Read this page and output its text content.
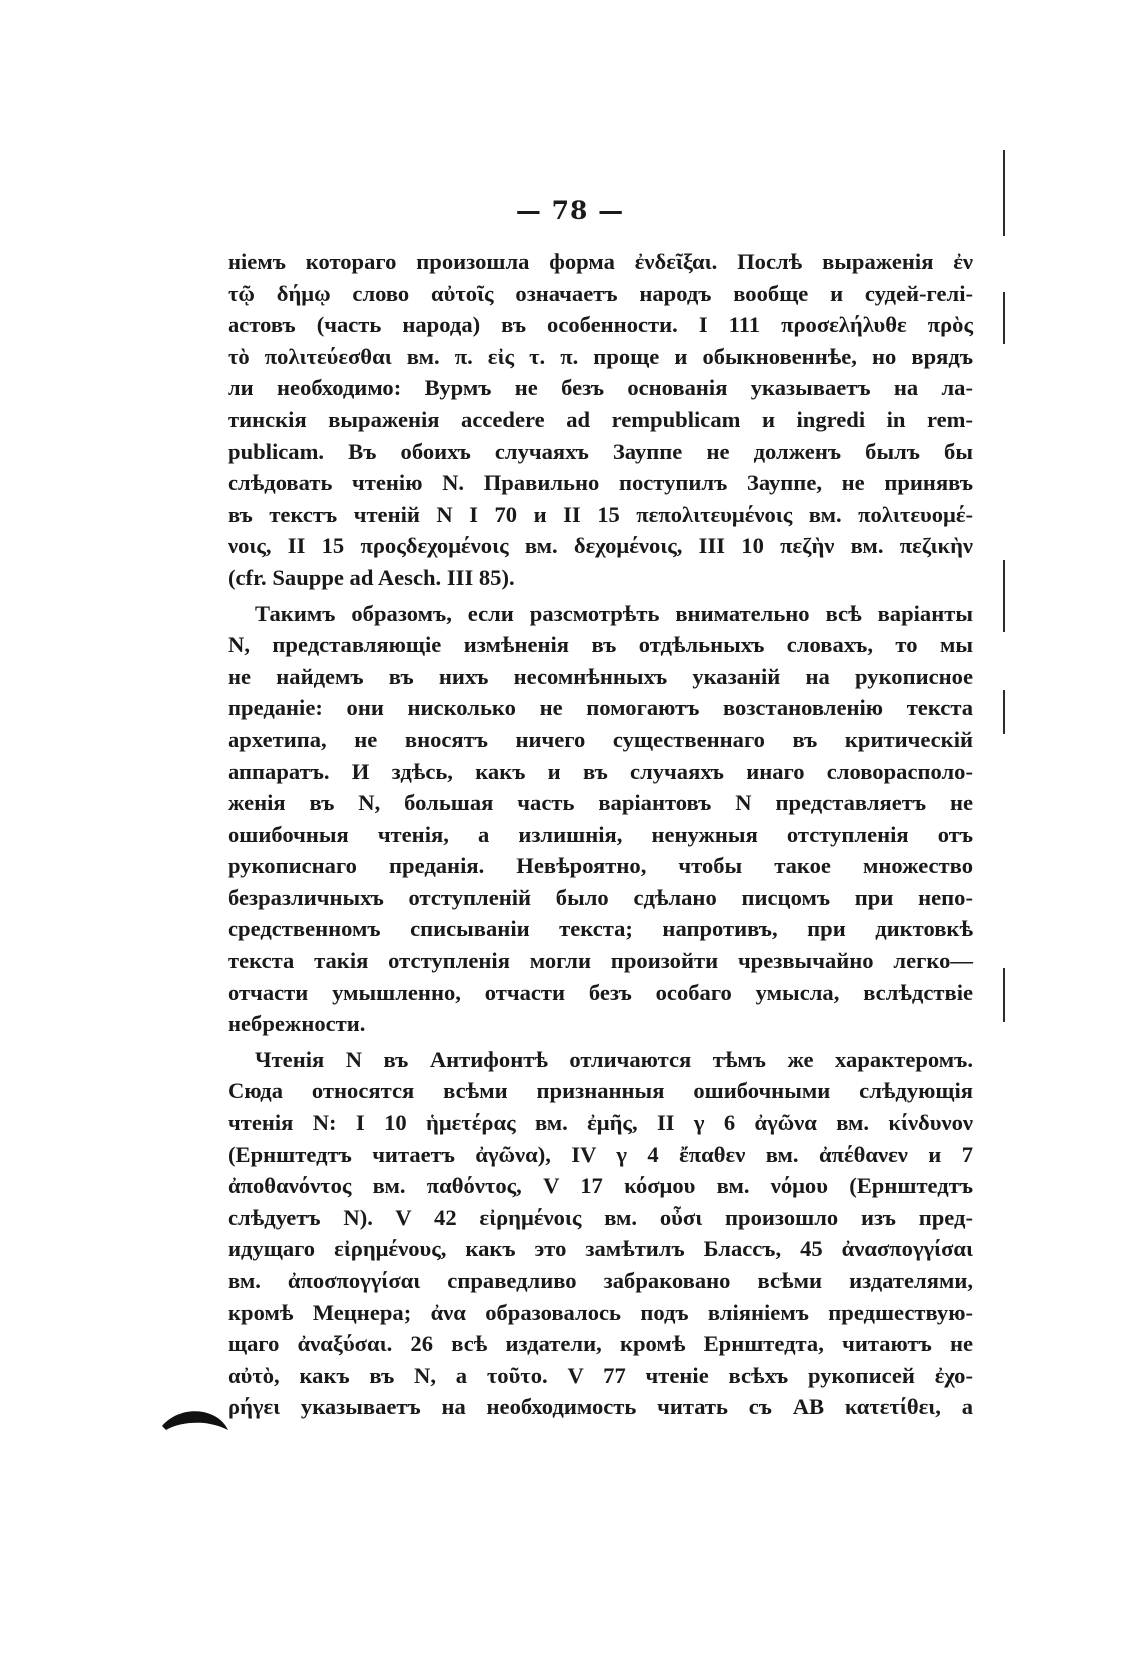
— 78 —

ніемъ котораго произошла форма ἐνδεῖξαι. Послѣ выраженія ἐν

τῷ δήμῳ слово αὐτοῖς означаетъ народъ вообще и судей-гелі-

астовъ (часть народа) въ особенности. I 111 προσελήλυθε πρὸς

τὸ πολιτεύεσθαι вм. π. εἰς τ. π. проще и обыкновеннѣе, но врядъ

ли необходимо: Вурмъ не безъ основанія указываетъ на ла-

тинскія выраженія accedere ad rempublicam и ingredi in rem-

publicam. Въ обоихъ случаяхъ Зауппе не долженъ былъ бы

слѣдовать чтенію N. Правильно поступилъ Зауппе, не принявъ

въ текстъ чтеній N I 70 и II 15 πεπολιτευμένοις вм. πολιτευομέ-

νοις, II 15 προςδεχομένοις вм. δεχομένοις, III 10 πεζὴν вм. πεζικὴν

(cfr. Sauppe ad Aesch. III 85).

Такимъ образомъ, если разсмотрѣть внимательно всѣ варіанты

N, представляющіе измѣненія въ отдѣльныхъ словахъ, то мы

не найдемъ въ нихъ несомнѣнныхъ указаній на рукописное

преданіе: они нисколько не помогаютъ возстановленію текста

архетипа, не вносятъ ничего существеннаго въ критическій

аппаратъ. И здѣсь, какъ и въ случаяхъ инаго словорасполо-

женія въ N, большая часть варіантовъ N представляетъ не

ошибочныя чтенія, а излишнія, ненужныя отступленія отъ

рукописнаго преданія. Невѣроятно, чтобы такое множество

безразличныхъ отступленій было сдѣлано писцомъ при непо-

средственномъ списываніи текста; напротивъ, при диктовкѣ

текста такія отступленія могли произойти чрезвычайно легко—

отчасти умышленно, отчасти безъ особаго умысла, вслѣдствіе

небрежности.

Чтенія N въ Антифонтѣ отличаются тѣмъ же характеромъ.

Сюда относятся всѣми признанныя ошибочными слѣдующія

чтенія N: I 10 ἡμετέρας вм. ἐμῆς, II γ 6 ἀγῶνα вм. κίνδυνον

(Ернштедтъ читаетъ ἀγῶνα), IV γ 4 ἔπαθεν вм. ἀπέθανεν и 7

ἀποθανόντος вм. παθόντος, V 17 κόσμου вм. νόμου (Ернштедтъ

слѣдуетъ N). V 42 εἰρημένοις вм. οὖσι произошло изъ пред-

идущаго εἰρημένους, какъ это замѣтилъ Блассъ, 45 ἀνασπογγίσαι

вм. ἀποσπογγίσαι справедливо забраковано всѣми издателями,

кромѣ Мецнера; ἀνα образовалось подъ вліяніемъ предшествую-

щаго ἀναξύσαι. 26 всѣ издатели, кромѣ Ернштедта, читаютъ не

αὐτὸ, какъ въ N, а τοῦτο. V 77 чтеніе всѣхъ рукописей ἐχο-

ρήγει указываетъ на необходимость читать съ AB κατετίθει, а
